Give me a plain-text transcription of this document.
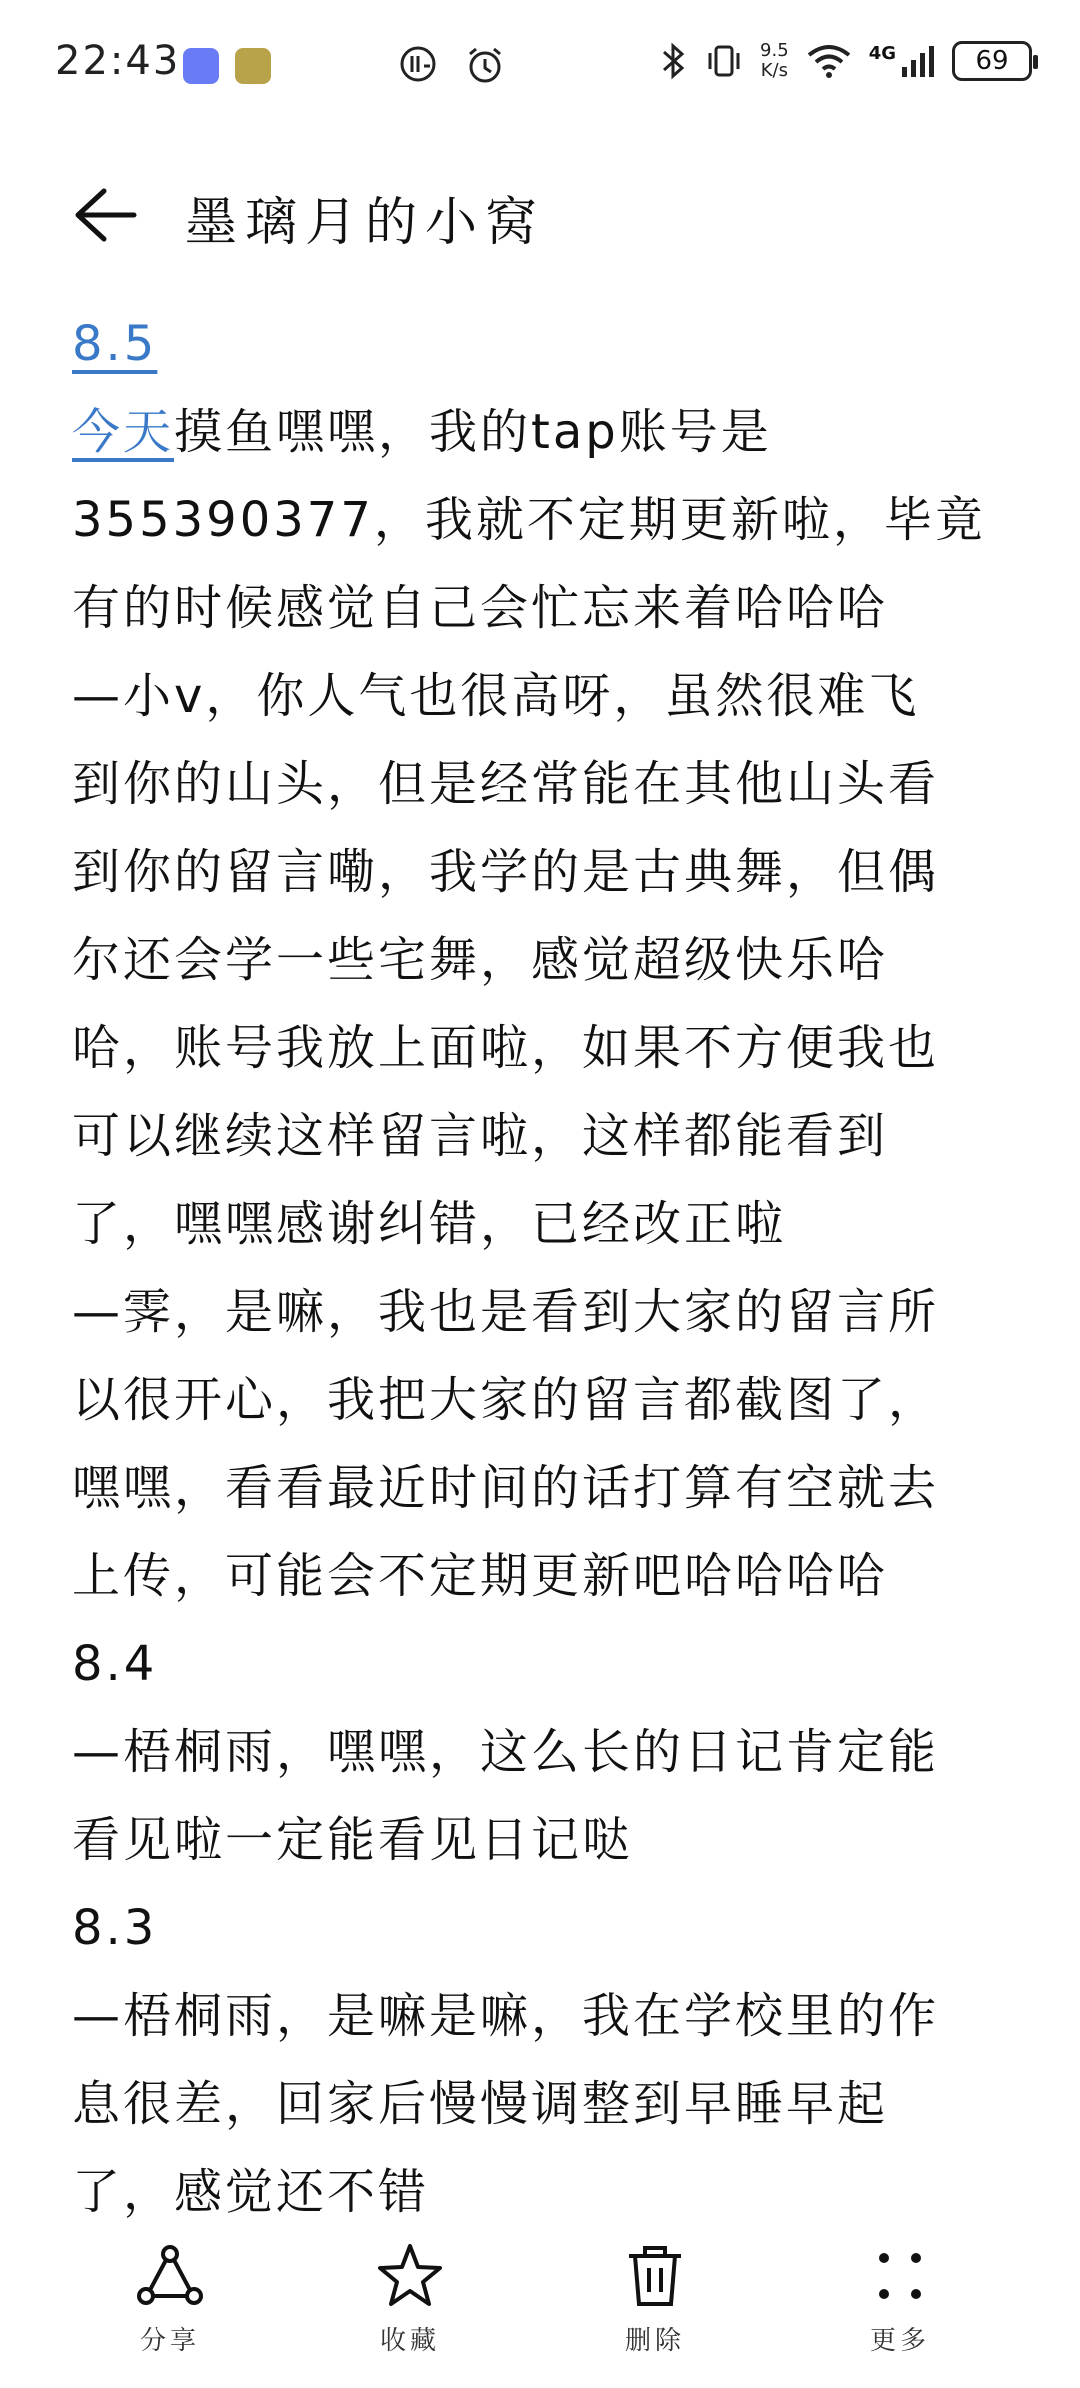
22:43	9.5
K/s
4G	69
墨璃月的小窝
8.5
今天摸鱼嘿嘿，我的tap账号是
355390377，我就不定期更新啦，毕竟
有的时候感觉自己会忙忘来着哈哈哈
—小v，你人气也很高呀，虽然很难飞
到你的山头，但是经常能在其他山头看
到你的留言嘞，我学的是古典舞，但偶
尔还会学一些宅舞，感觉超级快乐哈
哈，账号我放上面啦，如果不方便我也
可以继续这样留言啦，这样都能看到
了，嘿嘿感谢纠错，已经改正啦
—霁，是嘛，我也是看到大家的留言所
以很开心，我把大家的留言都截图了，
嘿嘿，看看最近时间的话打算有空就去
上传，可能会不定期更新吧哈哈哈哈
8.4
—梧桐雨，嘿嘿，这么长的日记肯定能
看见啦一定能看见日记哒
8.3
—梧桐雨，是嘛是嘛，我在学校里的作
息很差，回家后慢慢调整到早睡早起
了，感觉还不错
分享	收藏	删除	更多
